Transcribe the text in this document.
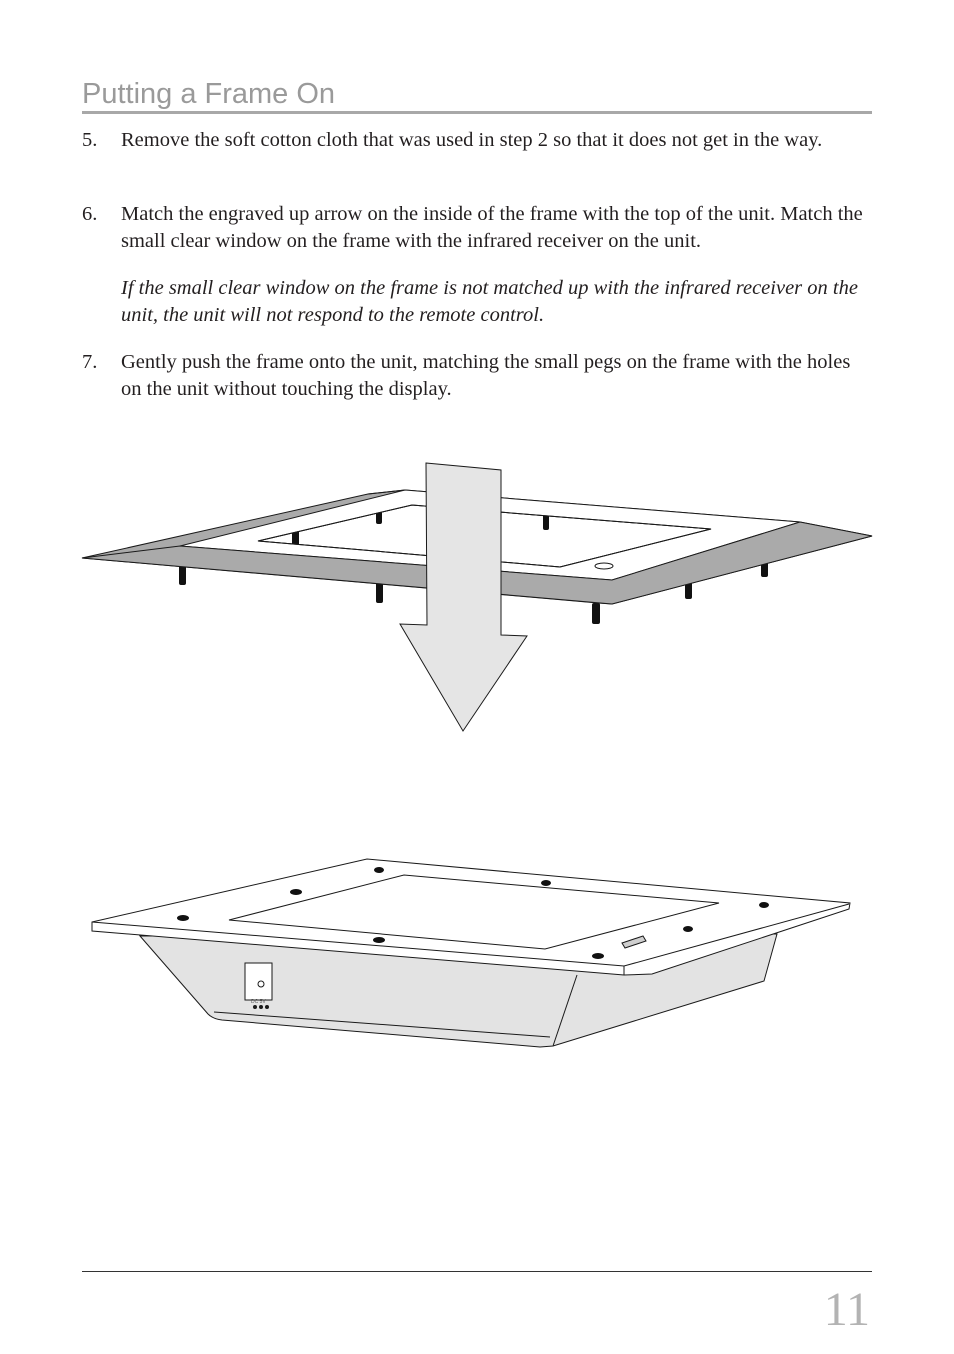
Putting a Frame On
5. Remove the soft cotton cloth that was used in step 2 so that it does not get in the way.
6. Match the engraved up arrow on the inside of the frame with the top of the unit. Match the small clear window on the frame with the infrared receiver on the unit.
If the small clear window on the frame is not matched up with the infrared receiver on the unit, the unit will not respond to the remote control.
7. Gently push the frame onto the unit, matching the small pegs on the frame with the holes on the unit without touching the display.
DC 5V
11
